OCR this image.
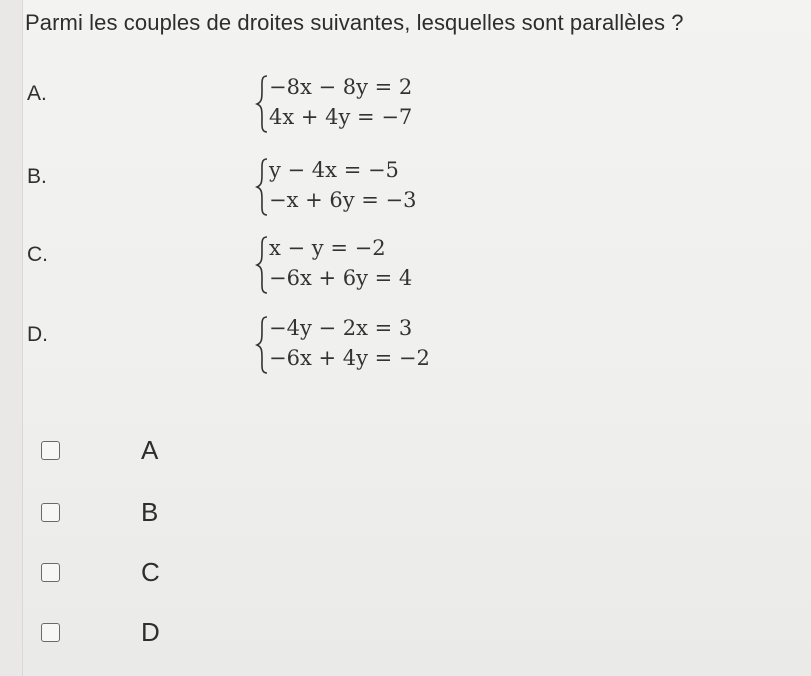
Parmi les couples de droites suivantes, lesquelles sont parallèles ?
A.	−8x − 8y = 2
4x + 4y = −7
B.	y − 4x = −5
−x + 6y = −3
C.	x − y = −2
−6x + 6y = 4
D.	−4y − 2x = 3
−6x + 4y = −2
A
B
C
D
